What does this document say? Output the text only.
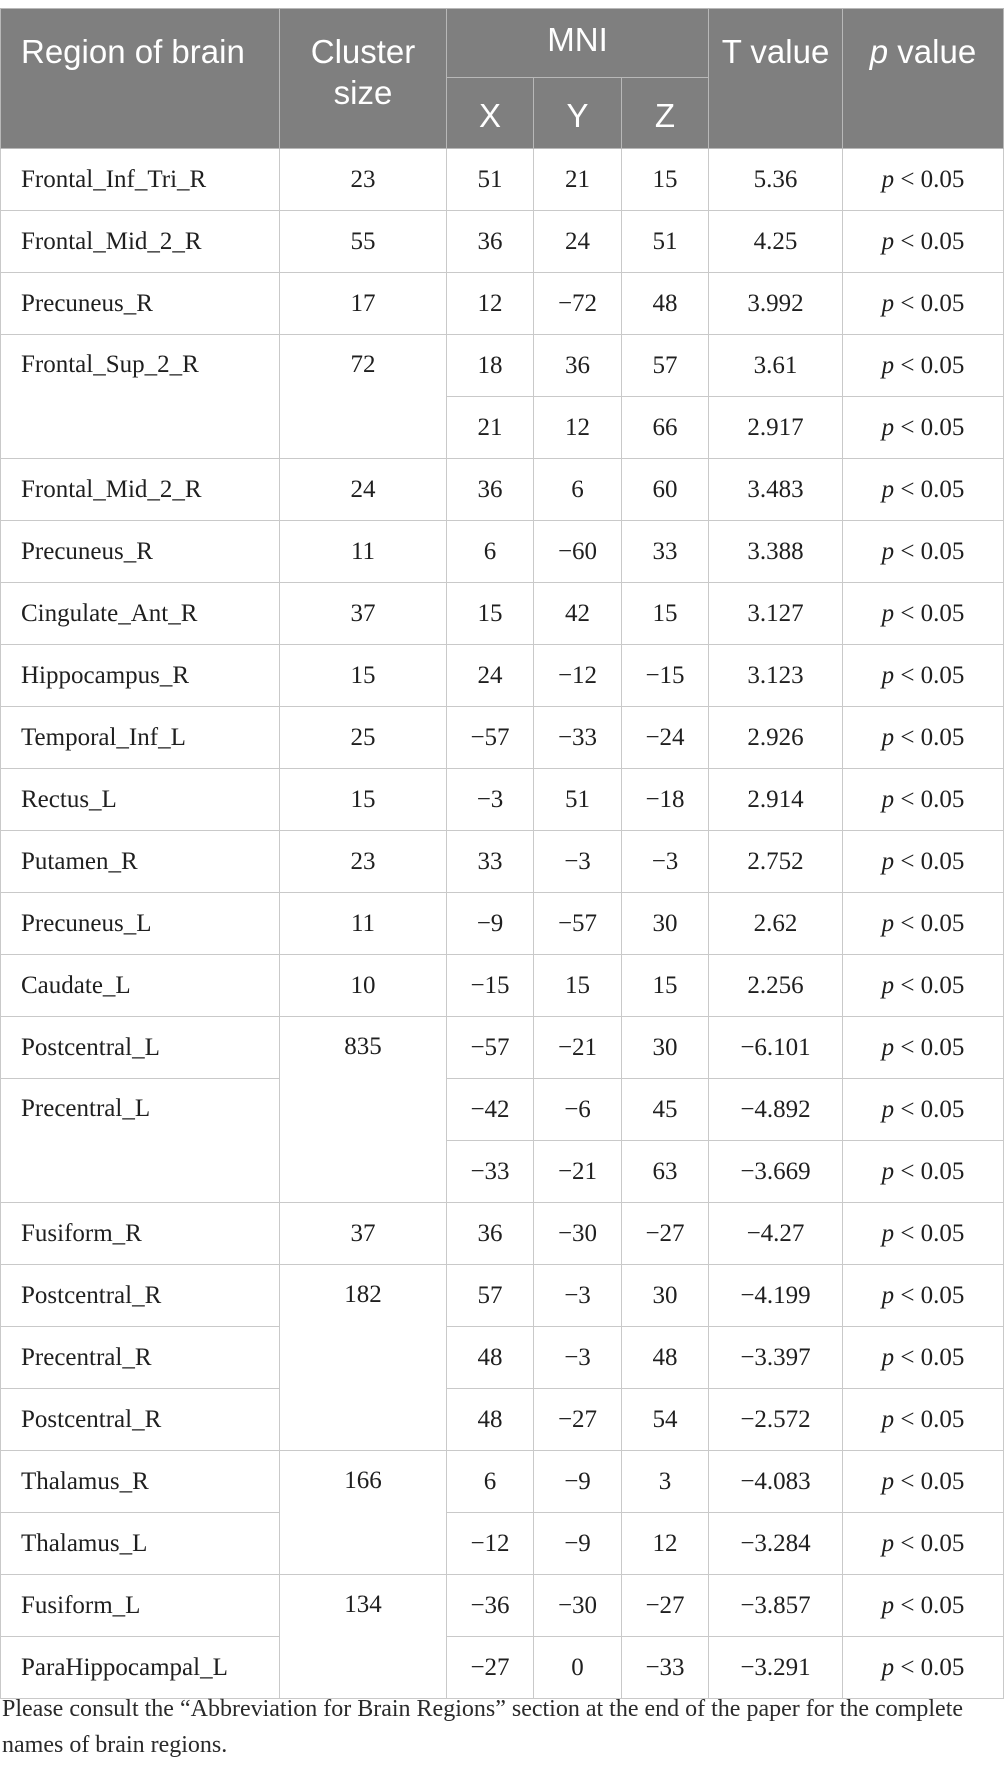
Region of brain	Cluster size	MNI			T value	p value
		X	Y	Z		
Frontal_Inf_Tri_R	23	51	21	15	5.36	p < 0.05
Frontal_Mid_2_R	55	36	24	51	4.25	p < 0.05
Precuneus_R	17	12	−72	48	3.992	p < 0.05
Frontal_Sup_2_R	72	18	36	57	3.61	p < 0.05
		21	12	66	2.917	p < 0.05
Frontal_Mid_2_R	24	36	6	60	3.483	p < 0.05
Precuneus_R	11	6	−60	33	3.388	p < 0.05
Cingulate_Ant_R	37	15	42	15	3.127	p < 0.05
Hippocampus_R	15	24	−12	−15	3.123	p < 0.05
Temporal_Inf_L	25	−57	−33	−24	2.926	p < 0.05
Rectus_L	15	−3	51	−18	2.914	p < 0.05
Putamen_R	23	33	−3	−3	2.752	p < 0.05
Precuneus_L	11	−9	−57	30	2.62	p < 0.05
Caudate_L	10	−15	15	15	2.256	p < 0.05
Postcentral_L	835	−57	−21	30	−6.101	p < 0.05
Precentral_L		−42	−6	45	−4.892	p < 0.05
		−33	−21	63	−3.669	p < 0.05
Fusiform_R	37	36	−30	−27	−4.27	p < 0.05
Postcentral_R	182	57	−3	30	−4.199	p < 0.05
Precentral_R		48	−3	48	−3.397	p < 0.05
Postcentral_R		48	−27	54	−2.572	p < 0.05
Thalamus_R	166	6	−9	3	−4.083	p < 0.05
Thalamus_L		−12	−9	12	−3.284	p < 0.05
Fusiform_L	134	−36	−30	−27	−3.857	p < 0.05
ParaHippocampal_L		−27	0	−33	−3.291	p < 0.05
Please consult the “Abbreviation for Brain Regions” section at the end of the paper for the complete names of brain regions.
